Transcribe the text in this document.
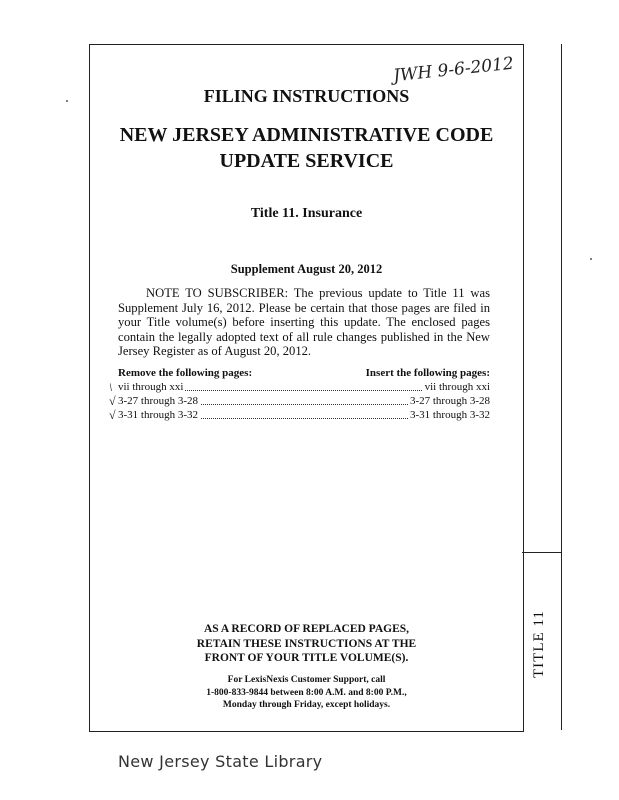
TITLE 11
JWH 9-6-2012
FILING INSTRUCTIONS
NEW JERSEY ADMINISTRATIVE CODE
UPDATE SERVICE
Title 11. Insurance
Supplement August 20, 2012

NOTE TO SUBSCRIBER: The previous update to Title 11 was Supplement July 16, 2012. Please be certain that those pages are filed in your Title volume(s) before inserting this update. The enclosed pages contain the legally adopted text of all rule changes published in the New Jersey Register as of August 20, 2012.

Remove the following pages:	Insert the following pages:
\ vii through xxi	vii through xxi
√ 3-27 through 3-28	3-27 through 3-28
√ 3-31 through 3-32	3-31 through 3-32
AS A RECORD OF REPLACED PAGES,
RETAIN THESE INSTRUCTIONS AT THE
FRONT OF YOUR TITLE VOLUME(S).
For LexisNexis Customer Support, call
1-800-833-9844 between 8:00 A.M. and 8:00 P.M.,
Monday through Friday, except holidays.
New Jersey State Library
